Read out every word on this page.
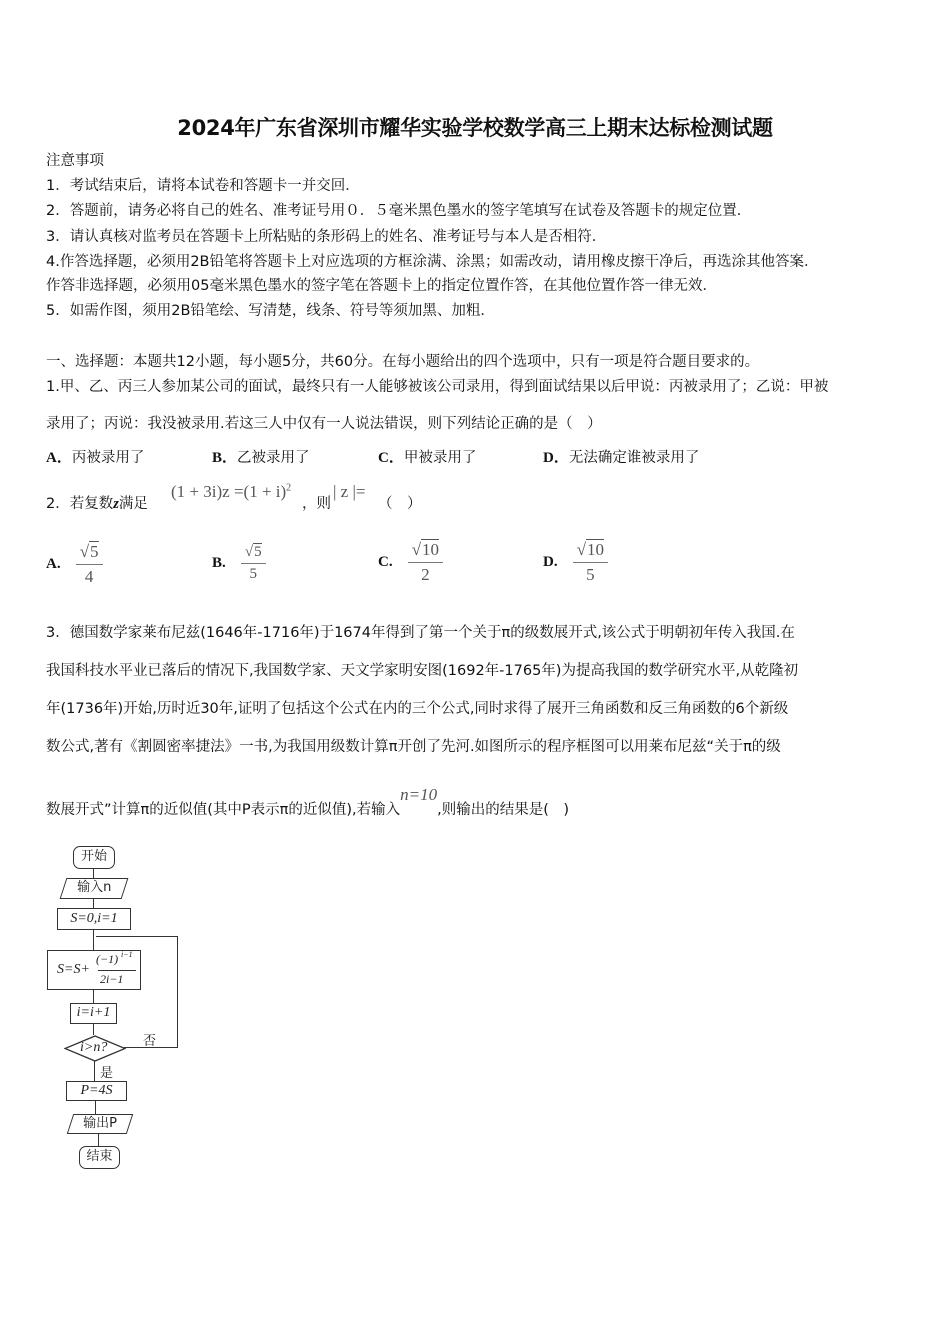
2024年广东省深圳市耀华实验学校数学高三上期末达标检测试题
注意事项
1．考试结束后，请将本试卷和答题卡一并交回．
2．答题前，请务必将自己的姓名、准考证号用０．５毫米黑色墨水的签字笔填写在试卷及答题卡的规定位置．
3．请认真核对监考员在答题卡上所粘贴的条形码上的姓名、准考证号与本人是否相符．
4.作答选择题，必须用2B铅笔将答题卡上对应选项的方框涂满、涂黑；如需改动，请用橡皮擦干净后，再选涂其他答案．
作答非选择题，必须用05毫米黑色墨水的签字笔在答题卡上的指定位置作答，在其他位置作答一律无效．
5．如需作图，须用2B铅笔绘、写清楚，线条、符号等须加黑、加粗．
一、选择题：本题共12小题，每小题5分，共60分。在每小题给出的四个选项中，只有一项是符合题目要求的。
1.甲、乙、丙三人参加某公司的面试，最终只有一人能够被该公司录用，得到面试结果以后甲说：丙被录用了；乙说：甲被
录用了；丙说：我没被录用.若这三人中仅有一人说法错误，则下列结论正确的是（　）
A．丙被录用了	B．乙被录用了	C．甲被录用了	D．无法确定谁被录用了
2．若复数z满足
$(1 + 3i)z =(1 + i)^2$
，则
| z |=
（　）
A. $\frac{√5}{4}$	B. $\frac{√5}{5}$	C. $\frac{√10}{2}$	D. $\frac{√10}{5}$
3．德国数学家莱布尼兹(1646年-1716年)于1674年得到了第一个关于π的级数展开式,该公式于明朝初年传入我国.在
我国科技水平业已落后的情况下,我国数学家、天文学家明安图(1692年-1765年)为提高我国的数学研究水平,从乾隆初
年(1736年)开始,历时近30年,证明了包括这个公式在内的三个公式,同时求得了展开三角函数和反三角函数的6个新级
数公式,著有《割圆密率捷法》一书,为我国用级数计算π开创了先河.如图所示的程序框图可以用莱布尼兹“关于π的级
数展开式”计算π的近似值(其中P表示π的近似值),若输入n=10,则输出的结果是(　)
开始
输入n
S=0,i=1
S=S+
(−1) i−1
2i−1
i=i+1
i>n?	否
是
P=4S
输出P
结束
